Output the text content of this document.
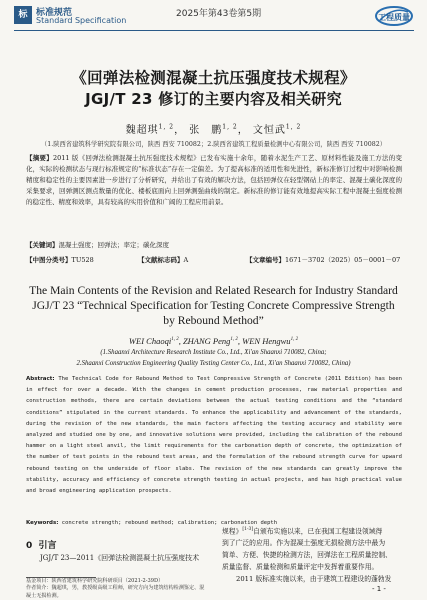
标 标准规范
Standard Specification
2025年第43卷第5期	工程质量
《回弹法检测混凝土抗压强度技术规程》
JGJ/T 23 修订的主要内容及相关研究
魏超琪$^{1, 2}$， 张　鹏$^{1, 2}$， 文恒武$^{1, 2}$
（1.陕西省建筑科学研究院有限公司，陕西 西安 710082；2.陕西省建筑工程质量检测中心有限公司，陕西 西安 710082）
【摘要】2011 版《回弹法检测混凝土抗压强度技术规程》已发布实施十余年，随着水泥生产工艺、原材料性能及施工方法的变化，实际的检测状态与现行标准规定的“标准状态”存在一定偏差。为了提高标准的适用性和先进性，新标准修订过程中对影响检测精度和稳定性的主要因素进一步进行了分析研究，并给出了有效的解决方法，包括回弹仪在轻型钢砧上的率定、混凝土碳化深度的采集要求，回弹测区测点数量的优化、楼板底面向上回弹测强曲线的制定。新标准的修订能有效地提高实际工程中混凝土强度检测的稳定性、精度和效率，具有较高的实用价值和广阔的工程应用前景。
【关键词】混凝土强度；回弹法；率定；碳化深度
【中图分类号】TU528	【文献标志码】A	【文章编号】1671－3702（2025）05－0001－07
The Main Contents of the Revision and Related Research for Industry Standard
JGJ/T 23 “Technical Specification for Testing Concrete Compressive Strength
by Rebound Method”
WEI Chaoqi$^{1, 2}$, ZHANG Peng$^{1, 2}$, WEN Hengwu$^{1, 2}$
(1.Shaanxi Architecture Research Institute Co., Ltd., Xi'an Shaanxi 710082, China;
2.Shaanxi Construction Engineering Quality Testing Center Co., Ltd., Xi'an Shaanxi 710082, China)
Abstract: The Technical Code for Rebound Method to Test Compressive Strength of Concrete (2011 Edition) has been in effect for over a decade. With the changes in cement production processes, raw material properties and construction methods, there are certain deviations between the actual testing conditions and the “standard conditions” stipulated in the current standards. To enhance the applicability and advancement of the standards, during the revision of the new standards, the main factors affecting the testing accuracy and stability were analyzed and studied one by one, and innovative solutions were provided, including the calibration of the rebound hammer on a light steel anvil, the limit requirements for the carbonation depth of concrete, the optimization of the number of test points in the rebound test areas, and the formulation of the rebound strength curve for upward rebound testing on the underside of floor slabs. The revision of the new standards can greatly improve the stability, accuracy and efficiency of concrete strength testing in actual projects, and has high practical value and broad engineering application prospects.
Keywords: concrete strength; rebound method; calibration; carbonation depth
0 引言
JGJ/T 23—2011《回弹法检测混凝土抗压强度技术
基金项目：陕西省建筑科学研究院科研项目（2021-2-39D）
作者简介：魏超琪，男，教授级高级工程师，研究方向为建筑结构检测鉴定、混凝土无损检测。
规程》[1-3]自颁布实施以来，已在我国工程建设领域得
到了广泛的应用。作为混凝土强度无损检测方法中最为
简单、方便、快捷的检测方法，回弹法在工程质量控制、
质量监督、质量检测和质量评定中发挥着重要作用。
2011 版标准实施以来，由于建筑工程建设的蓬勃发
- 1 -
